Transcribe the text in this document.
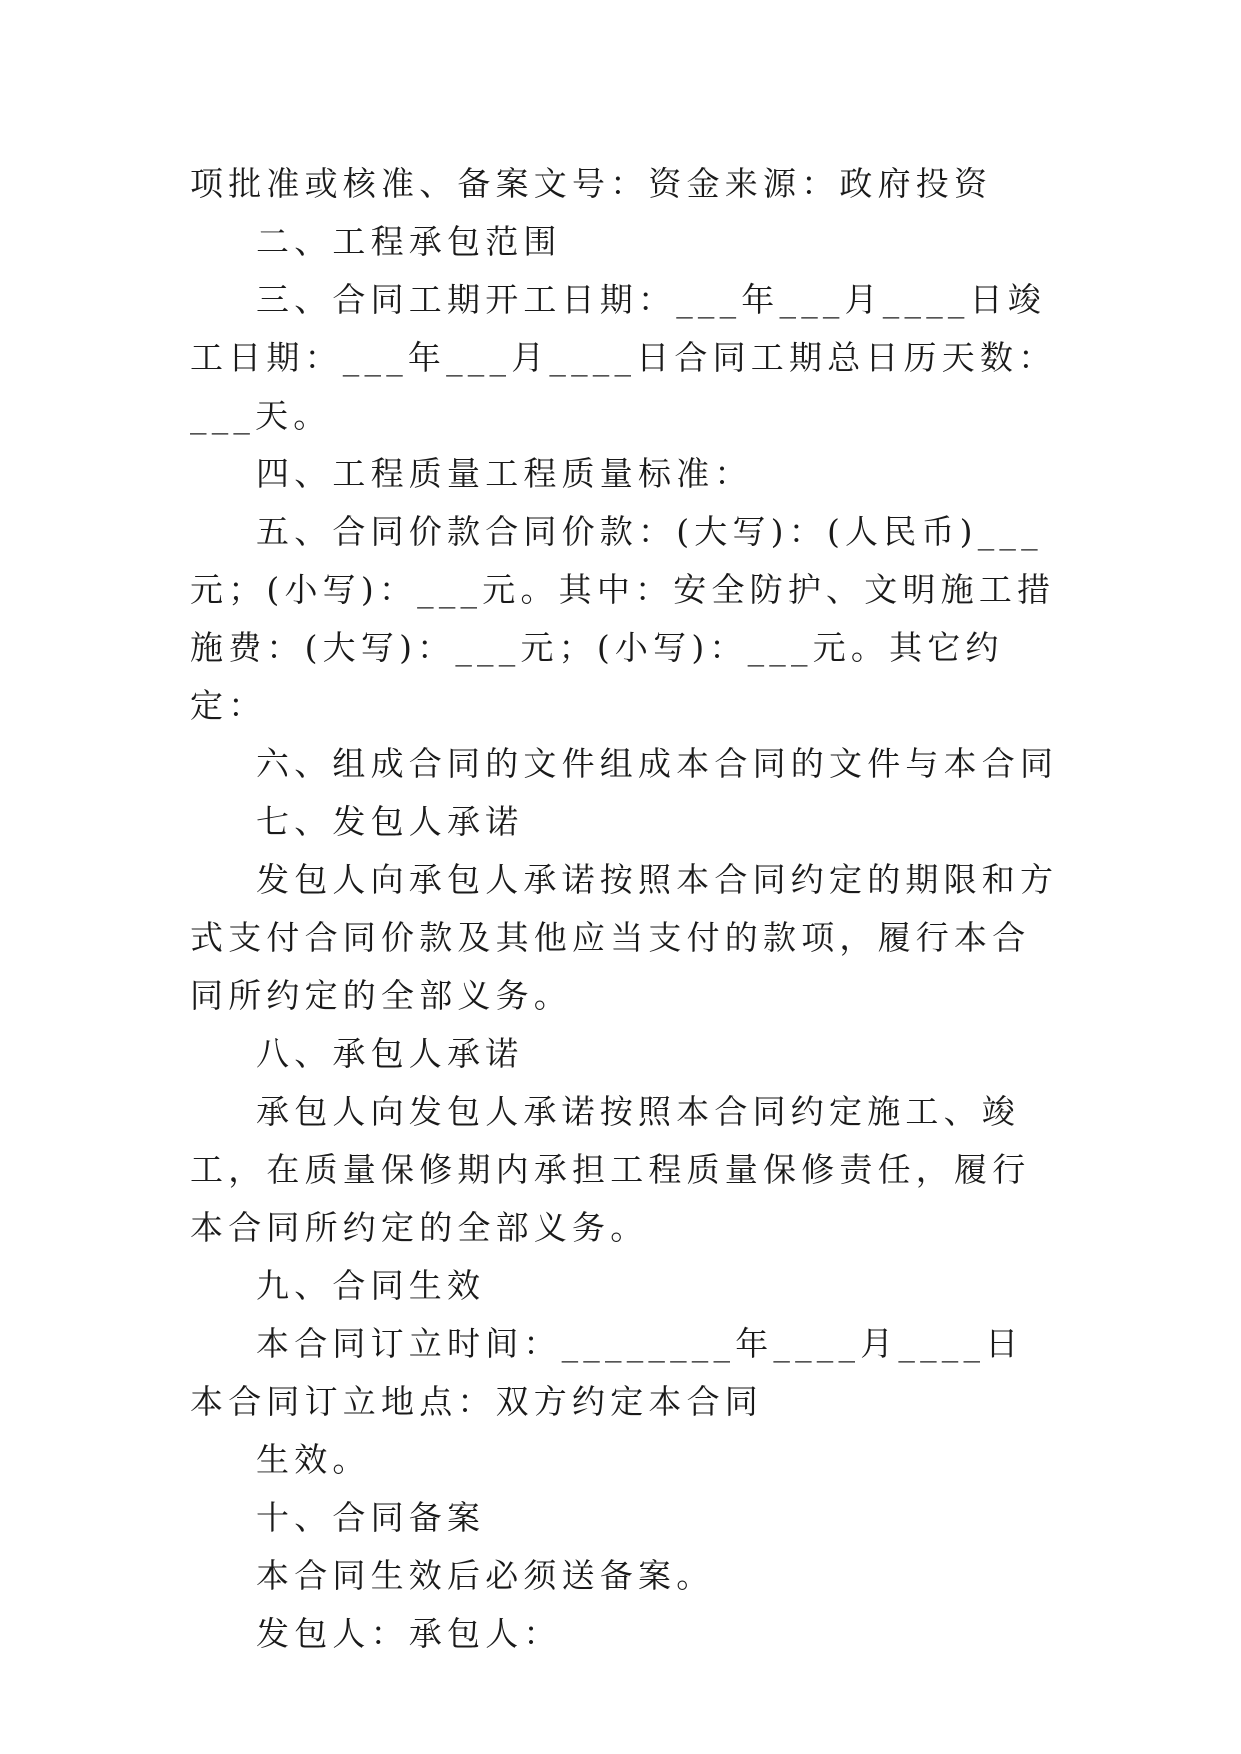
项批准或核准、备案文号：资金来源：政府投资

二、工程承包范围

三、合同工期开工日期：___年___月____日竣工日期：___年___月____日合同工期总日历天数：___天。

四、工程质量工程质量标准：

五、合同价款合同价款：(大写)：(人民币)___元；(小写)：___元。其中：安全防护、文明施工措施费：(大写)：___元；(小写)：___元。其它约定：

六、组成合同的文件组成本合同的文件与本合同

七、发包人承诺

发包人向承包人承诺按照本合同约定的期限和方式支付合同价款及其他应当支付的款项，履行本合同所约定的全部义务。

八、承包人承诺

承包人向发包人承诺按照本合同约定施工、竣工，在质量保修期内承担工程质量保修责任，履行本合同所约定的全部义务。

九、合同生效

本合同订立时间：________年____月____日本合同订立地点：双方约定本合同

生效。

十、合同备案

本合同生效后必须送备案。

发包人：承包人：
